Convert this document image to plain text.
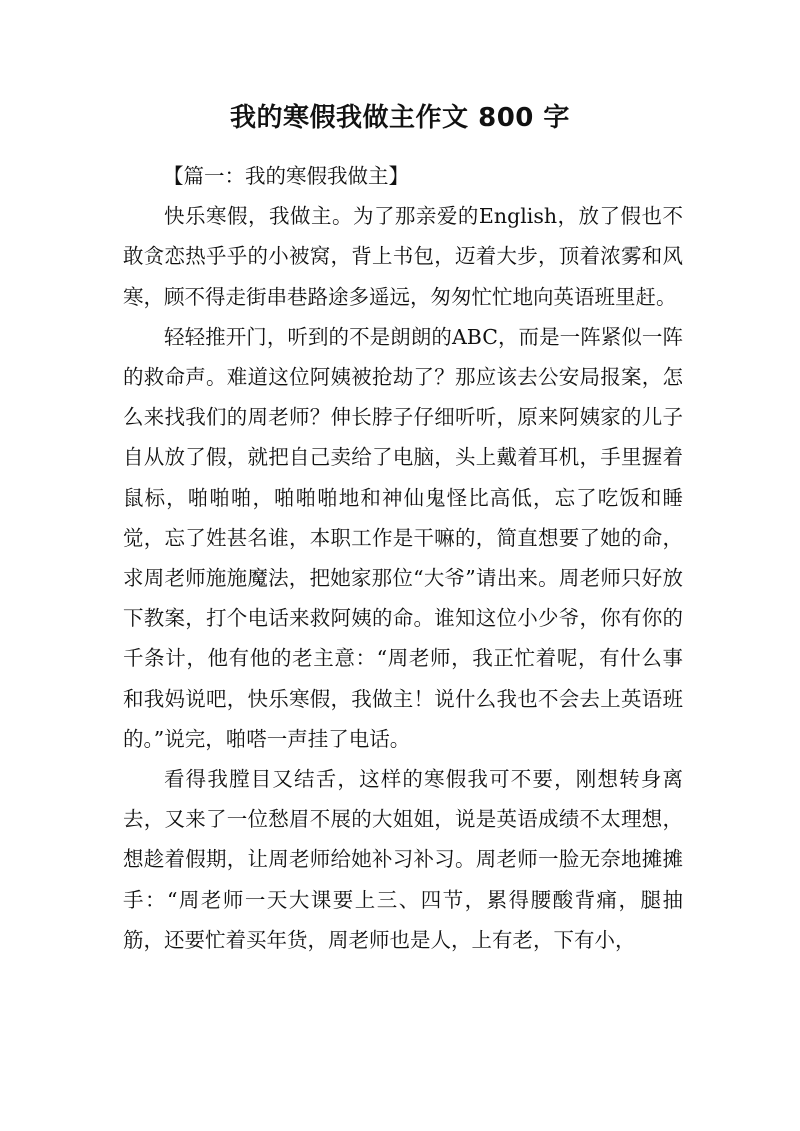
我的寒假我做主作文 800 字

【篇一：我的寒假我做主】

快乐寒假，我做主。为了那亲爱的English，放了假也不敢贪恋热乎乎的小被窝，背上书包，迈着大步，顶着浓雾和风寒，顾不得走街串巷路途多遥远，匆匆忙忙地向英语班里赶。

轻轻推开门，听到的不是朗朗的ABC，而是一阵紧似一阵的救命声。难道这位阿姨被抢劫了？那应该去公安局报案，怎么来找我们的周老师？伸长脖子仔细听听，原来阿姨家的儿子自从放了假，就把自己卖给了电脑，头上戴着耳机，手里握着鼠标，啪啪啪，啪啪啪地和神仙鬼怪比高低，忘了吃饭和睡觉，忘了姓甚名谁，本职工作是干嘛的，简直想要了她的命，求周老师施施魔法，把她家那位“大爷”请出来。周老师只好放下教案，打个电话来救阿姨的命。谁知这位小少爷，你有你的千条计，他有他的老主意：“周老师，我正忙着呢，有什么事和我妈说吧，快乐寒假，我做主！说什么我也不会去上英语班的。”说完，啪嗒一声挂了电话。

看得我膛目又结舌，这样的寒假我可不要，刚想转身离去，又来了一位愁眉不展的大姐姐，说是英语成绩不太理想，想趁着假期，让周老师给她补习补习。周老师一脸无奈地摊摊手：“周老师一天大课要上三、四节，累得腰酸背痛，腿抽筋，还要忙着买年货，周老师也是人，上有老，下有小，
